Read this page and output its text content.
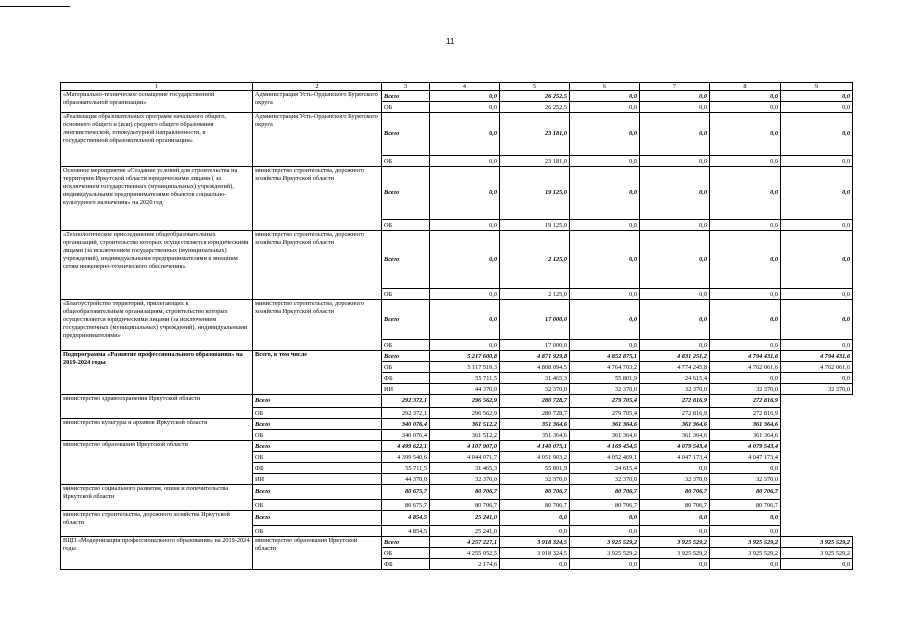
11
1	2	3	4	5	6	7	8	9
«Материально-техническое оснащение государственной образовательной организации»	Администрация Усть-Ордынского Бурятского округа	Всего	0,0	26 252,5	0,0	0,0	0,0	0,0
		ОБ	0,0	26 252,5	0,0	0,0	0,0	0,0
«Реализация образовательных программ начального общего, основного общего и (или) среднего общего образования лингвистической, этнокультурной направленности, в государственной образовательной организации»	Администрация Усть-Ордынского Бурятского округа	Всего	0,0	23 181,0	0,0	0,0	0,0	0,0
		ОБ	0,0	23 181,0	0,0	0,0	0,0	0,0
Основное мероприятие «Создание условий для строительства на территории Иркутской области юридическими лицами ( за исключением государственных (муниципальных) учреждений), индивидуальными предпринимателями объектов социально-культурного назначения» на 2020 год	министерство строительства, дорожного хозяйства Иркутской области	Всего	0,0	19 125,0	0,0	0,0	0,0	0,0
		ОБ	0,0	19 125,0	0,0	0,0	0,0	0,0
«Технологическое присоединение общеобразовательных организаций, строительство которых осуществляется юридическими лицами (за исключением государственных (муниципальных) учреждений), индивидуальными предпринимателями к внешним сетям инженерно-технического обеспечения»	министерство строительства, дорожного хозяйства Иркутской области	Всего	0,0	2 125,0	0,0	0,0	0,0	0,0
		ОБ	0,0	2 125,0	0,0	0,0	0,0	0,0
«Благоустройство территорий, прилегающих к общеобразовательным организациям, строительство которых осуществляется юридическими лицами (за исключением государственных (муниципальных) учреждений), индивидуальными предпринимателями»	министерство строительства, дорожного хозяйства Иркутской области	Всего	0,0	17 000,0	0,0	0,0	0,0	0,0
		ОБ	0,0	17 000,0	0,0	0,0	0,0	0,0
Подпрограмма «Развитие профессионального образования» на 2019-2024 годы	Всего, в том числе	Всего	5 217 600,8	4 871 929,8	4 852 875,1	4 831 251,2	4 794 431,6	4 794 431,6
		ОБ	5 117 519,3	4 808 094,5	4 764 703,2	4 774 245,8	4 762 061,6	4 762 061,6
		ФБ	55 711,5	31 465,3	55 801,9	24 615,4	0,0	0,0
		ИИ	44 370,0	32 370,0	32 370,0	32 370,0	32 370,0	32 370,0
министерство здравоохранения Иркутской области	Всего	292 372,1	296 562,9	280 728,7	279 705,4	272 816,9	272 816,9	
	ОБ	292 372,1	296 562,9	280 728,7	279 705,4	272 816,9	272 816,9	
министерство культуры и архивов Иркутской области	Всего	340 076,4	361 512,2	351 364,6	361 364,6	361 364,6	361 364,6	
	ОБ	340 076,4	361 512,2	351 364,6	361 364,6	361 364,6	361 364,6	
министерство образования Иркутской области	Всего	4 499 622,1	4 107 907,0	4 140 075,1	4 169 454,5	4 079 543,4	4 079 543,4	
	ОБ	4 399 540,6	4 044 071,7	4 051 903,2	4 052 469,1	4 047 173,4	4 047 173,4	
	ФБ	55 711,5	31 465,3	55 801,9	24 615,4	0,0	0,0	
	ИИ	44 370,0	32 370,0	32 370,0	32 370,0	32 370,0	32 370,0	
министерство социального развития, опеки и попечительства Иркутской области	Всего	80 675,7	80 706,7	80 706,7	80 706,7	80 706,7	80 706,7	
	ОБ	80 675,7	80 706,7	80 706,7	80 706,7	80 706,7	80 706,7	
министерство строительства, дорожного хозяйства Иркутской области	Всего	4 854,5	25 241,0	0,0	0,0	0,0	0,0	
	ОБ	4 854,5	25 241,0	0,0	0,0	0,0	0,0	
ВЦП «Модернизация профессионального образования» на 2019-2024 годы	министерство образования Иркутской области	Всего	4 257 227,1	3 918 324,5	3 925 529,2	3 925 529,2	3 925 529,2	3 925 529,2
		ОБ	4 255 052,5	3 918 324,5	3 925 529,2	3 925 529,2	3 925 529,2	3 925 529,2
		ФБ	2 174,6	0,0	0,0	0,0	0,0	0,0
